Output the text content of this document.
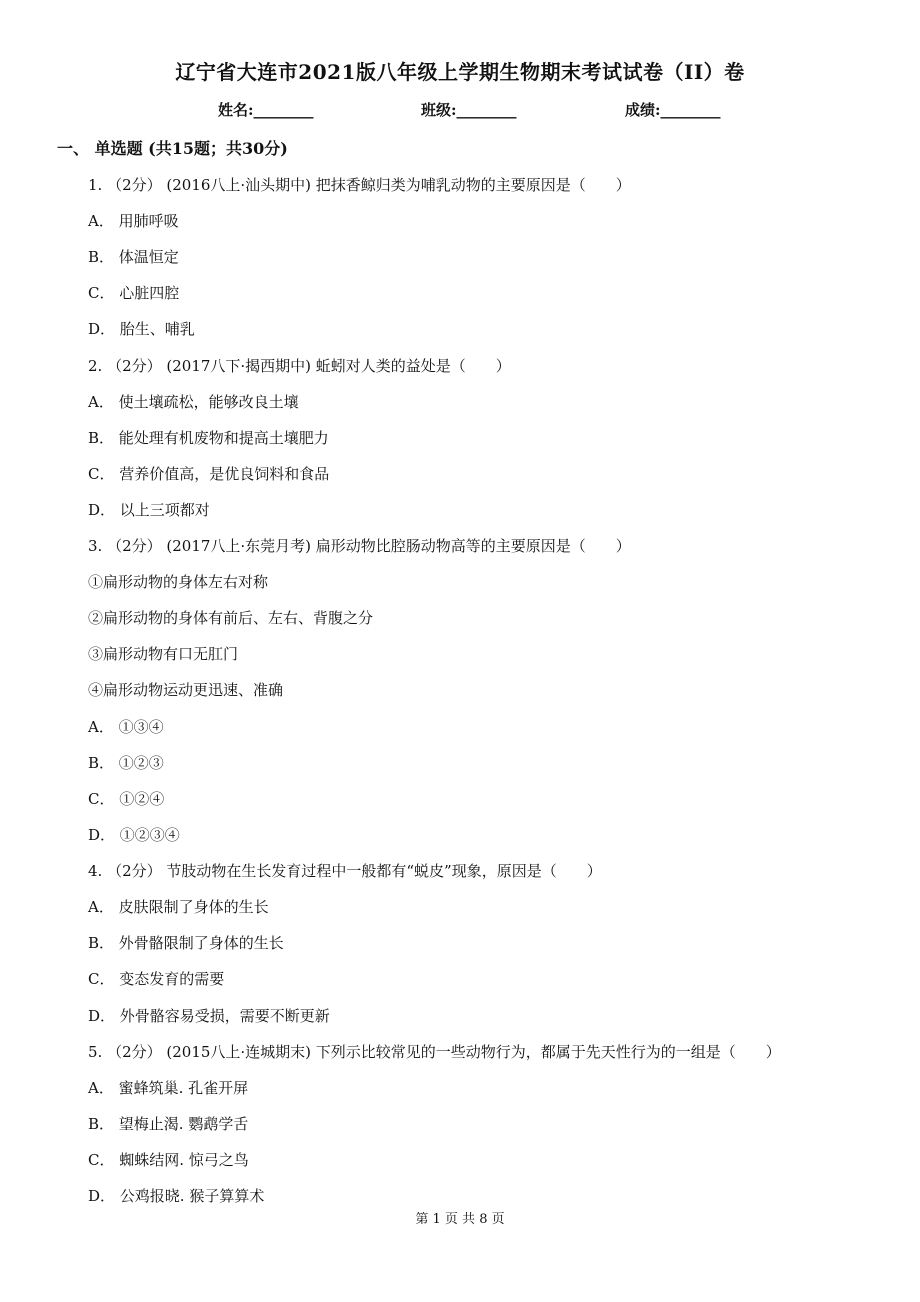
辽宁省大连市2021版八年级上学期生物期末考试试卷（II）卷
姓名:________	班级:________	成绩:________
一、 单选题 (共15题；共30分)
1. （2分） (2016八上·汕头期中) 把抹香鲸归类为哺乳动物的主要原因是（　　）
A． 用肺呼吸
B． 体温恒定
C． 心脏四腔
D． 胎生、哺乳
2. （2分） (2017八下·揭西期中) 蚯蚓对人类的益处是（　　）
A． 使土壤疏松，能够改良土壤
B． 能处理有机废物和提高土壤肥力
C． 营养价值高，是优良饲料和食品
D． 以上三项都对
3. （2分） (2017八上·东莞月考) 扁形动物比腔肠动物高等的主要原因是（　　）
①扁形动物的身体左右对称
②扁形动物的身体有前后、左右、背腹之分
③扁形动物有口无肛门
④扁形动物运动更迅速、准确
A． ①③④
B． ①②③
C． ①②④
D． ①②③④
4. （2分） 节肢动物在生长发育过程中一般都有“蜕皮”现象，原因是（　　）
A． 皮肤限制了身体的生长
B． 外骨骼限制了身体的生长
C． 变态发育的需要
D． 外骨骼容易受损，需要不断更新
5. （2分） (2015八上·连城期末) 下列示比较常见的一些动物行为，都属于先天性行为的一组是（　　）
A． 蜜蜂筑巢. 孔雀开屏
B． 望梅止渴. 鹦鹉学舌
C． 蜘蛛结网. 惊弓之鸟
D． 公鸡报晓. 猴子算算术
第 1 页 共 8 页
